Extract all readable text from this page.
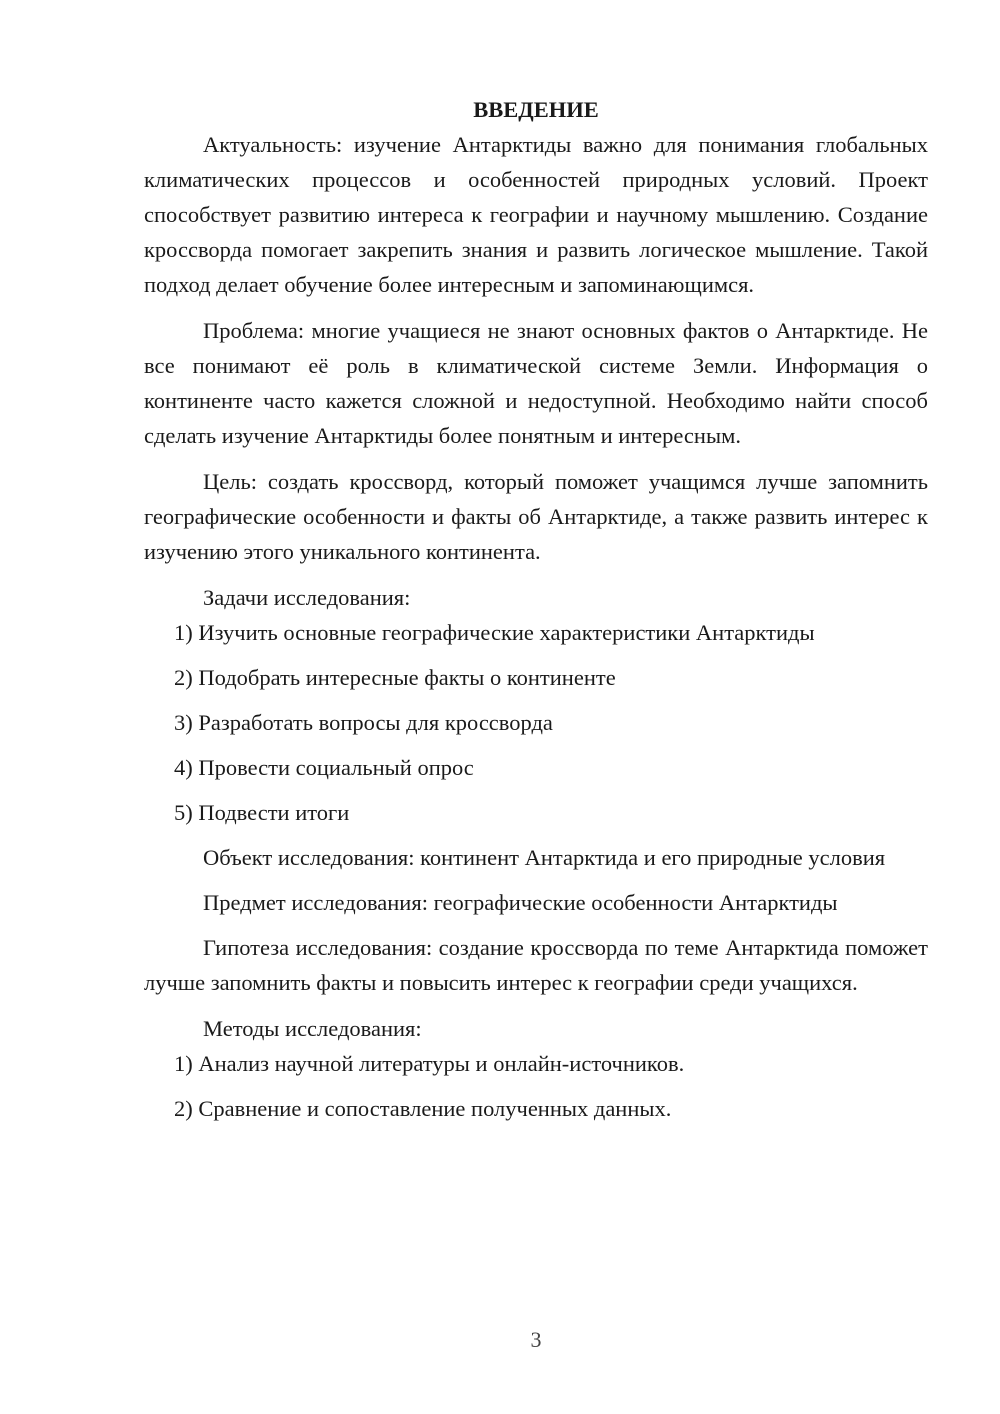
ВВЕДЕНИЕ

Актуальность: изучение Антарктиды важно для понимания глобальных климатических процессов и особенностей природных условий. Проект способствует развитию интереса к географии и научному мышлению. Создание кроссворда помогает закрепить знания и развить логическое мышление. Такой подход делает обучение более интересным и запоминающимся.

Проблема: многие учащиеся не знают основных фактов о Антарктиде. Не все понимают её роль в климатической системе Земли. Информация о континенте часто кажется сложной и недоступной. Необходимо найти способ сделать изучение Антарктиды более понятным и интересным.

Цель: создать кроссворд, который поможет учащимся лучше запомнить географические особенности и факты об Антарктиде, а также развить интерес к изучению этого уникального континента.

Задачи исследования:

1) Изучить основные географические характеристики Антарктиды

2) Подобрать интересные факты о континенте

3) Разработать вопросы для кроссворда

4) Провести социальный опрос

5) Подвести итоги

Объект исследования: континент Антарктида и его природные условия

Предмет исследования: географические особенности Антарктиды

Гипотеза исследования: создание кроссворда по теме Антарктида поможет лучше запомнить факты и повысить интерес к географии среди учащихся.

Методы исследования:

1) Анализ научной литературы и онлайн-источников.

2) Сравнение и сопоставление полученных данных.

3
